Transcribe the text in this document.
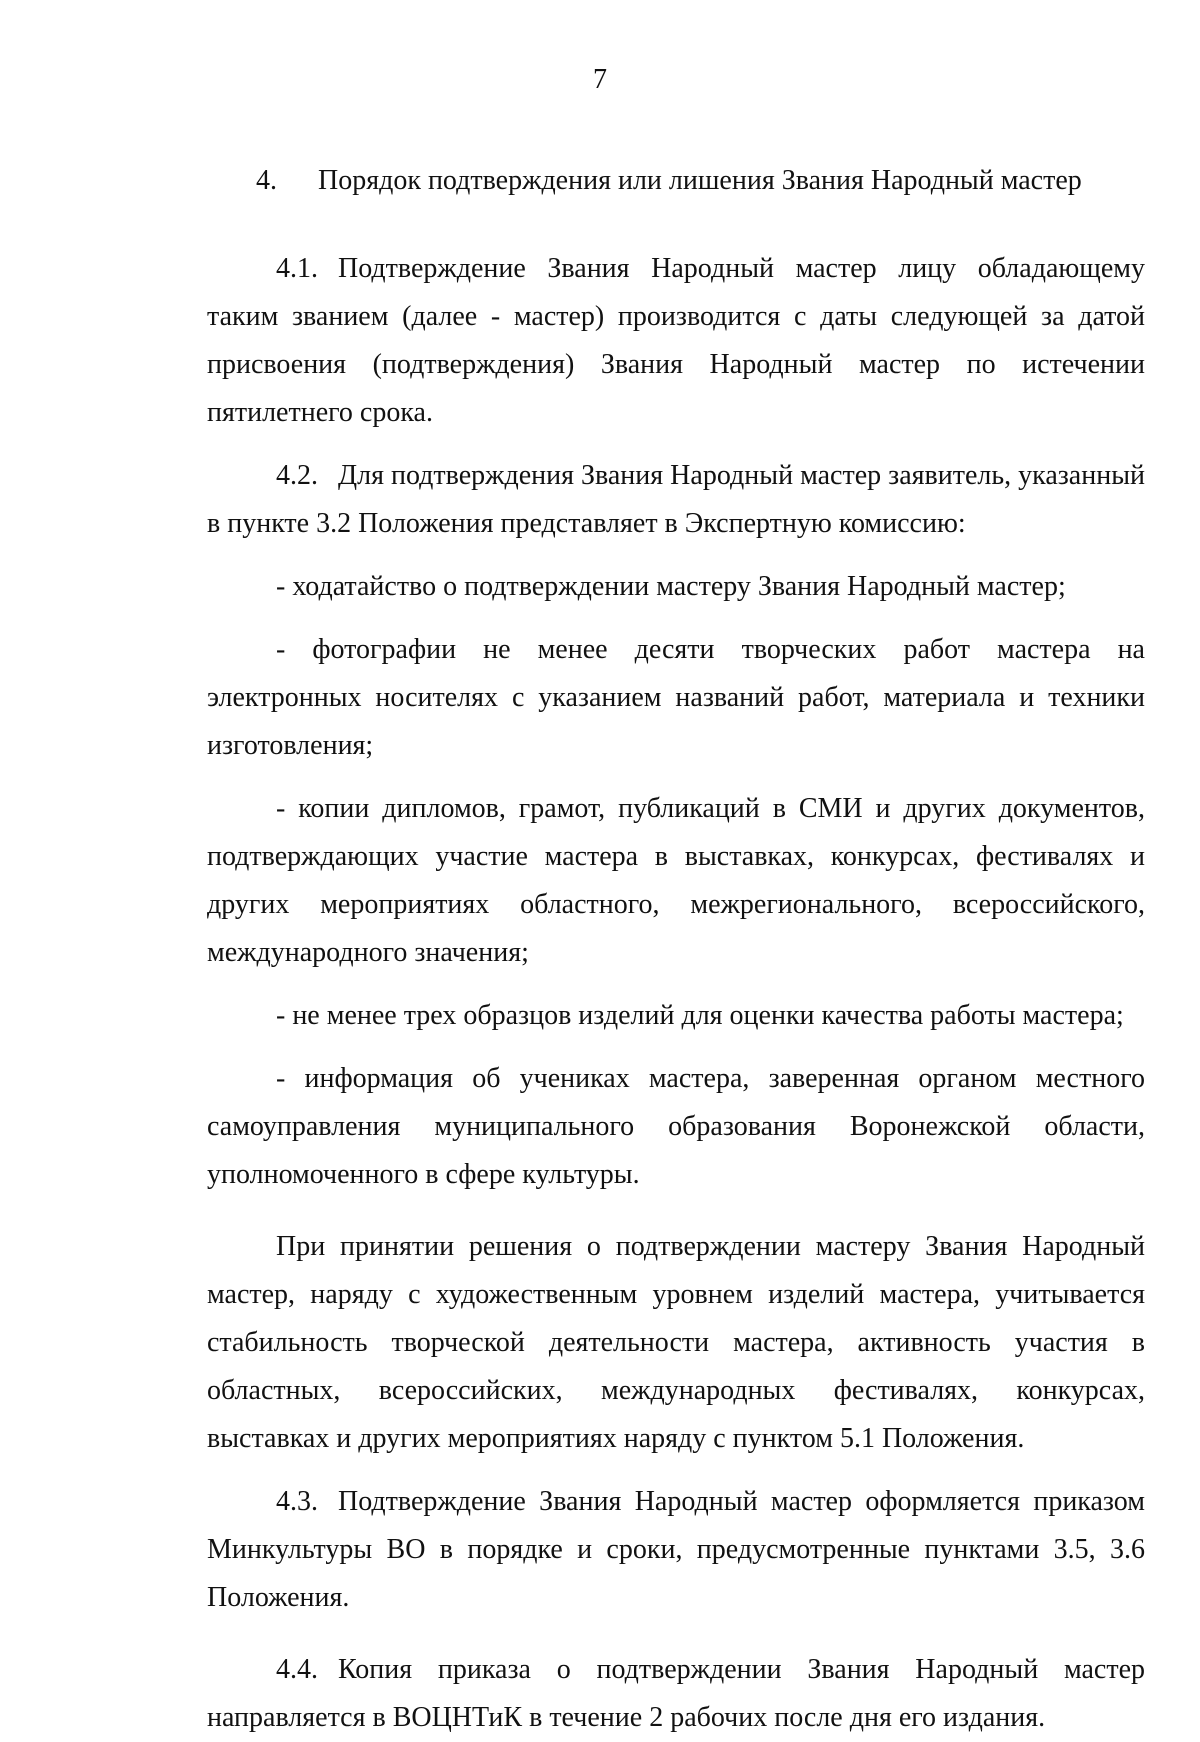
7
4. Порядок подтверждения или лишения Звания Народный мастер

4.1. Подтверждение Звания Народный мастер лицу обладающему таким званием (далее - мастер) производится с даты следующей за датой присвоения (подтверждения) Звания Народный мастер по истечении пятилетнего срока.

4.2. Для подтверждения Звания Народный мастер заявитель, указанный в пункте 3.2 Положения представляет в Экспертную комиссию:

- ходатайство о подтверждении мастеру Звания Народный мастер;

- фотографии не менее десяти творческих работ мастера на электронных носителях с указанием названий работ, материала и техники изготовления;

- копии дипломов, грамот, публикаций в СМИ и других документов, подтверждающих участие мастера в выставках, конкурсах, фестивалях и других мероприятиях областного, межрегионального, всероссийского, международного значения;

- не менее трех образцов изделий для оценки качества работы мастера;

- информация об учениках мастера, заверенная органом местного самоуправления муниципального образования Воронежской области, уполномоченного в сфере культуры.

При принятии решения о подтверждении мастеру Звания Народный мастер, наряду с художественным уровнем изделий мастера, учитывается стабильность творческой деятельности мастера, активность участия в областных, всероссийских, международных фестивалях, конкурсах, выставках и других мероприятиях наряду с пунктом 5.1 Положения.

4.3. Подтверждение Звания Народный мастер оформляется приказом Минкультуры ВО в порядке и сроки, предусмотренные пунктами 3.5, 3.6 Положения.

4.4. Копия приказа о подтверждении Звания Народный мастер направляется в ВОЦНТиК в течение 2 рабочих после дня его издания.
